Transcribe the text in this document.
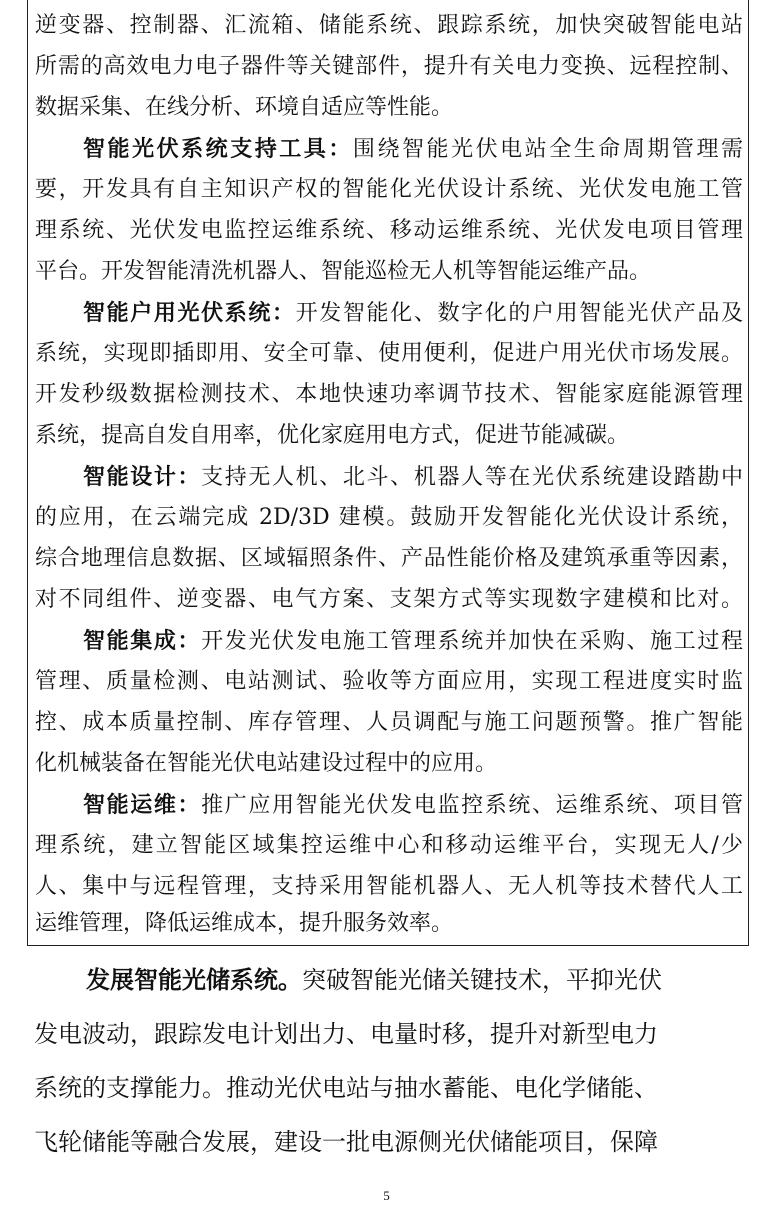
逆变器、控制器、汇流箱、储能系统、跟踪系统，加快突破智能电站
所需的高效电力电子器件等关键部件，提升有关电力变换、远程控制、
数据采集、在线分析、环境自适应等性能。
智能光伏系统支持工具：围绕智能光伏电站全生命周期管理需
要，开发具有自主知识产权的智能化光伏设计系统、光伏发电施工管
理系统、光伏发电监控运维系统、移动运维系统、光伏发电项目管理
平台。开发智能清洗机器人、智能巡检无人机等智能运维产品。
智能户用光伏系统：开发智能化、数字化的户用智能光伏产品及
系统，实现即插即用、安全可靠、使用便利，促进户用光伏市场发展。
开发秒级数据检测技术、本地快速功率调节技术、智能家庭能源管理
系统，提高自发自用率，优化家庭用电方式，促进节能减碳。
智能设计：支持无人机、北斗、机器人等在光伏系统建设踏勘中
的应用，在云端完成 2D/3D 建模。鼓励开发智能化光伏设计系统，
综合地理信息数据、区域辐照条件、产品性能价格及建筑承重等因素，
对不同组件、逆变器、电气方案、支架方式等实现数字建模和比对。
智能集成：开发光伏发电施工管理系统并加快在采购、施工过程
管理、质量检测、电站测试、验收等方面应用，实现工程进度实时监
控、成本质量控制、库存管理、人员调配与施工问题预警。推广智能
化机械装备在智能光伏电站建设过程中的应用。
智能运维：推广应用智能光伏发电监控系统、运维系统、项目管
理系统，建立智能区域集控运维中心和移动运维平台，实现无人/少
人、集中与远程管理，支持采用智能机器人、无人机等技术替代人工
运维管理，降低运维成本，提升服务效率。
发展智能光储系统。突破智能光储关键技术，平抑光伏
发电波动，跟踪发电计划出力、电量时移，提升对新型电力
系统的支撑能力。推动光伏电站与抽水蓄能、电化学储能、
飞轮储能等融合发展，建设一批电源侧光伏储能项目，保障
5
